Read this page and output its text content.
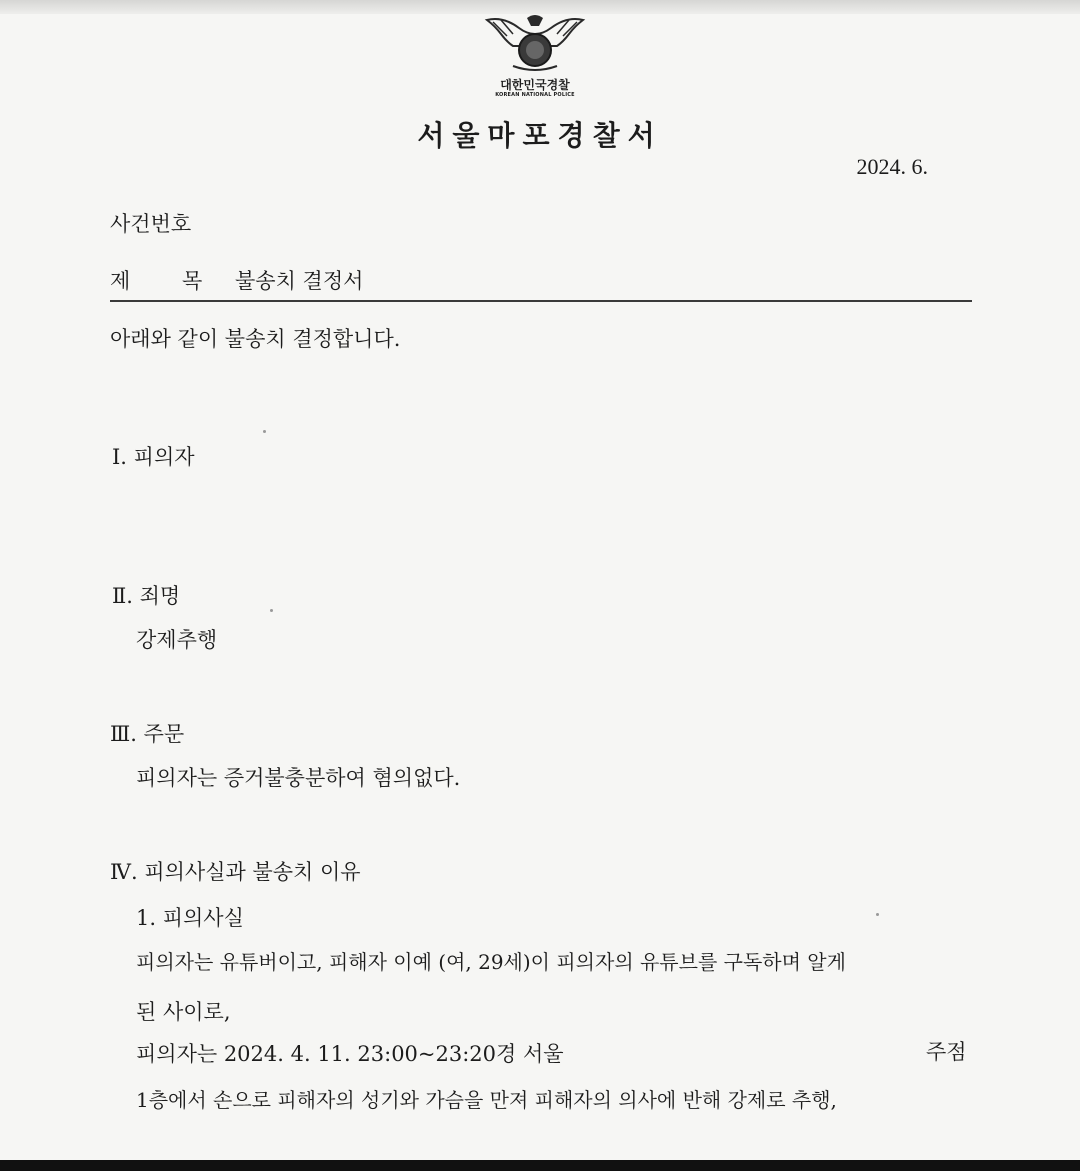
대한민국경찰
KOREAN NATIONAL POLICE
서울마포경찰서
2024. 6.
사건번호
제 목 불송치 결정서
아래와 같이 불송치 결정합니다.
Ⅰ. 피의자
Ⅱ. 죄명
강제추행
Ⅲ. 주문
피의자는 증거불충분하여 혐의없다.
Ⅳ. 피의사실과 불송치 이유
1. 피의사실
피의자는 유튜버이고, 피해자 이예 (여, 29세)이 피의자의 유튜브를 구독하며 알게
된 사이로,
피의자는 2024. 4. 11. 23:00~23:20경 서울	주점
1층에서 손으로 피해자의 성기와 가슴을 만져 피해자의 의사에 반해 강제로 추행,
